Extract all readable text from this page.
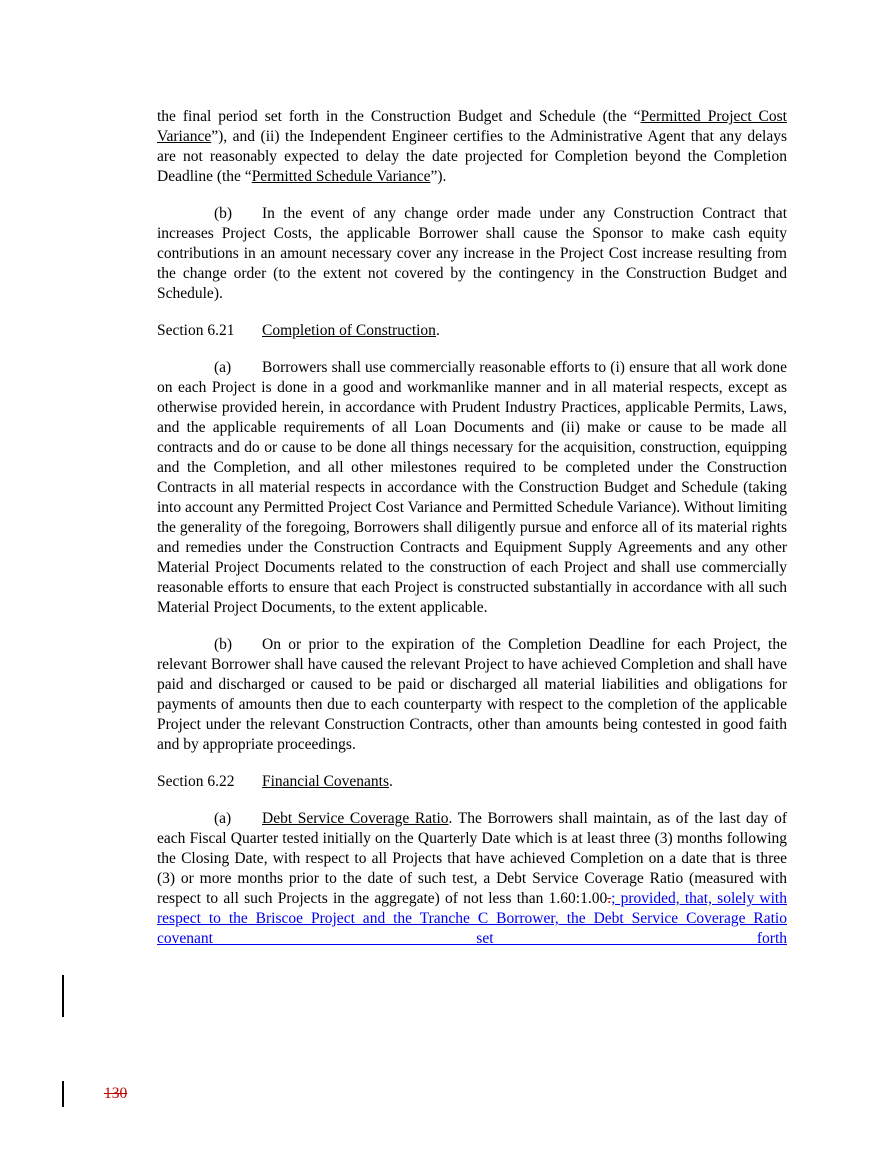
the final period set forth in the Construction Budget and Schedule (the “Permitted Project Cost Variance”), and (ii) the Independent Engineer certifies to the Administrative Agent that any delays are not reasonably expected to delay the date projected for Completion beyond the Completion Deadline (the “Permitted Schedule Variance”).

(b) In the event of any change order made under any Construction Contract that increases Project Costs, the applicable Borrower shall cause the Sponsor to make cash equity contributions in an amount necessary cover any increase in the Project Cost increase resulting from the change order (to the extent not covered by the contingency in the Construction Budget and Schedule).

Section 6.21 Completion of Construction.

(a) Borrowers shall use commercially reasonable efforts to (i) ensure that all work done on each Project is done in a good and workmanlike manner and in all material respects, except as otherwise provided herein, in accordance with Prudent Industry Practices, applicable Permits, Laws, and the applicable requirements of all Loan Documents and (ii) make or cause to be made all contracts and do or cause to be done all things necessary for the acquisition, construction, equipping and the Completion, and all other milestones required to be completed under the Construction Contracts in all material respects in accordance with the Construction Budget and Schedule (taking into account any Permitted Project Cost Variance and Permitted Schedule Variance). Without limiting the generality of the foregoing, Borrowers shall diligently pursue and enforce all of its material rights and remedies under the Construction Contracts and Equipment Supply Agreements and any other Material Project Documents related to the construction of each Project and shall use commercially reasonable efforts to ensure that each Project is constructed substantially in accordance with all such Material Project Documents, to the extent applicable.

(b) On or prior to the expiration of the Completion Deadline for each Project, the relevant Borrower shall have caused the relevant Project to have achieved Completion and shall have paid and discharged or caused to be paid or discharged all material liabilities and obligations for payments of amounts then due to each counterparty with respect to the completion of the applicable Project under the relevant Construction Contracts, other than amounts being contested in good faith and by appropriate proceedings.

Section 6.22 Financial Covenants.

(a) Debt Service Coverage Ratio. The Borrowers shall maintain, as of the last day of each Fiscal Quarter tested initially on the Quarterly Date which is at least three (3) months following the Closing Date, with respect to all Projects that have achieved Completion on a date that is three (3) or more months prior to the date of such test, a Debt Service Coverage Ratio (measured with respect to all such Projects in the aggregate) of not less than 1.60:1.00.; provided, that, solely with respect to the Briscoe Project and the Tranche C Borrower, the Debt Service Coverage Ratio covenant set forth

130
